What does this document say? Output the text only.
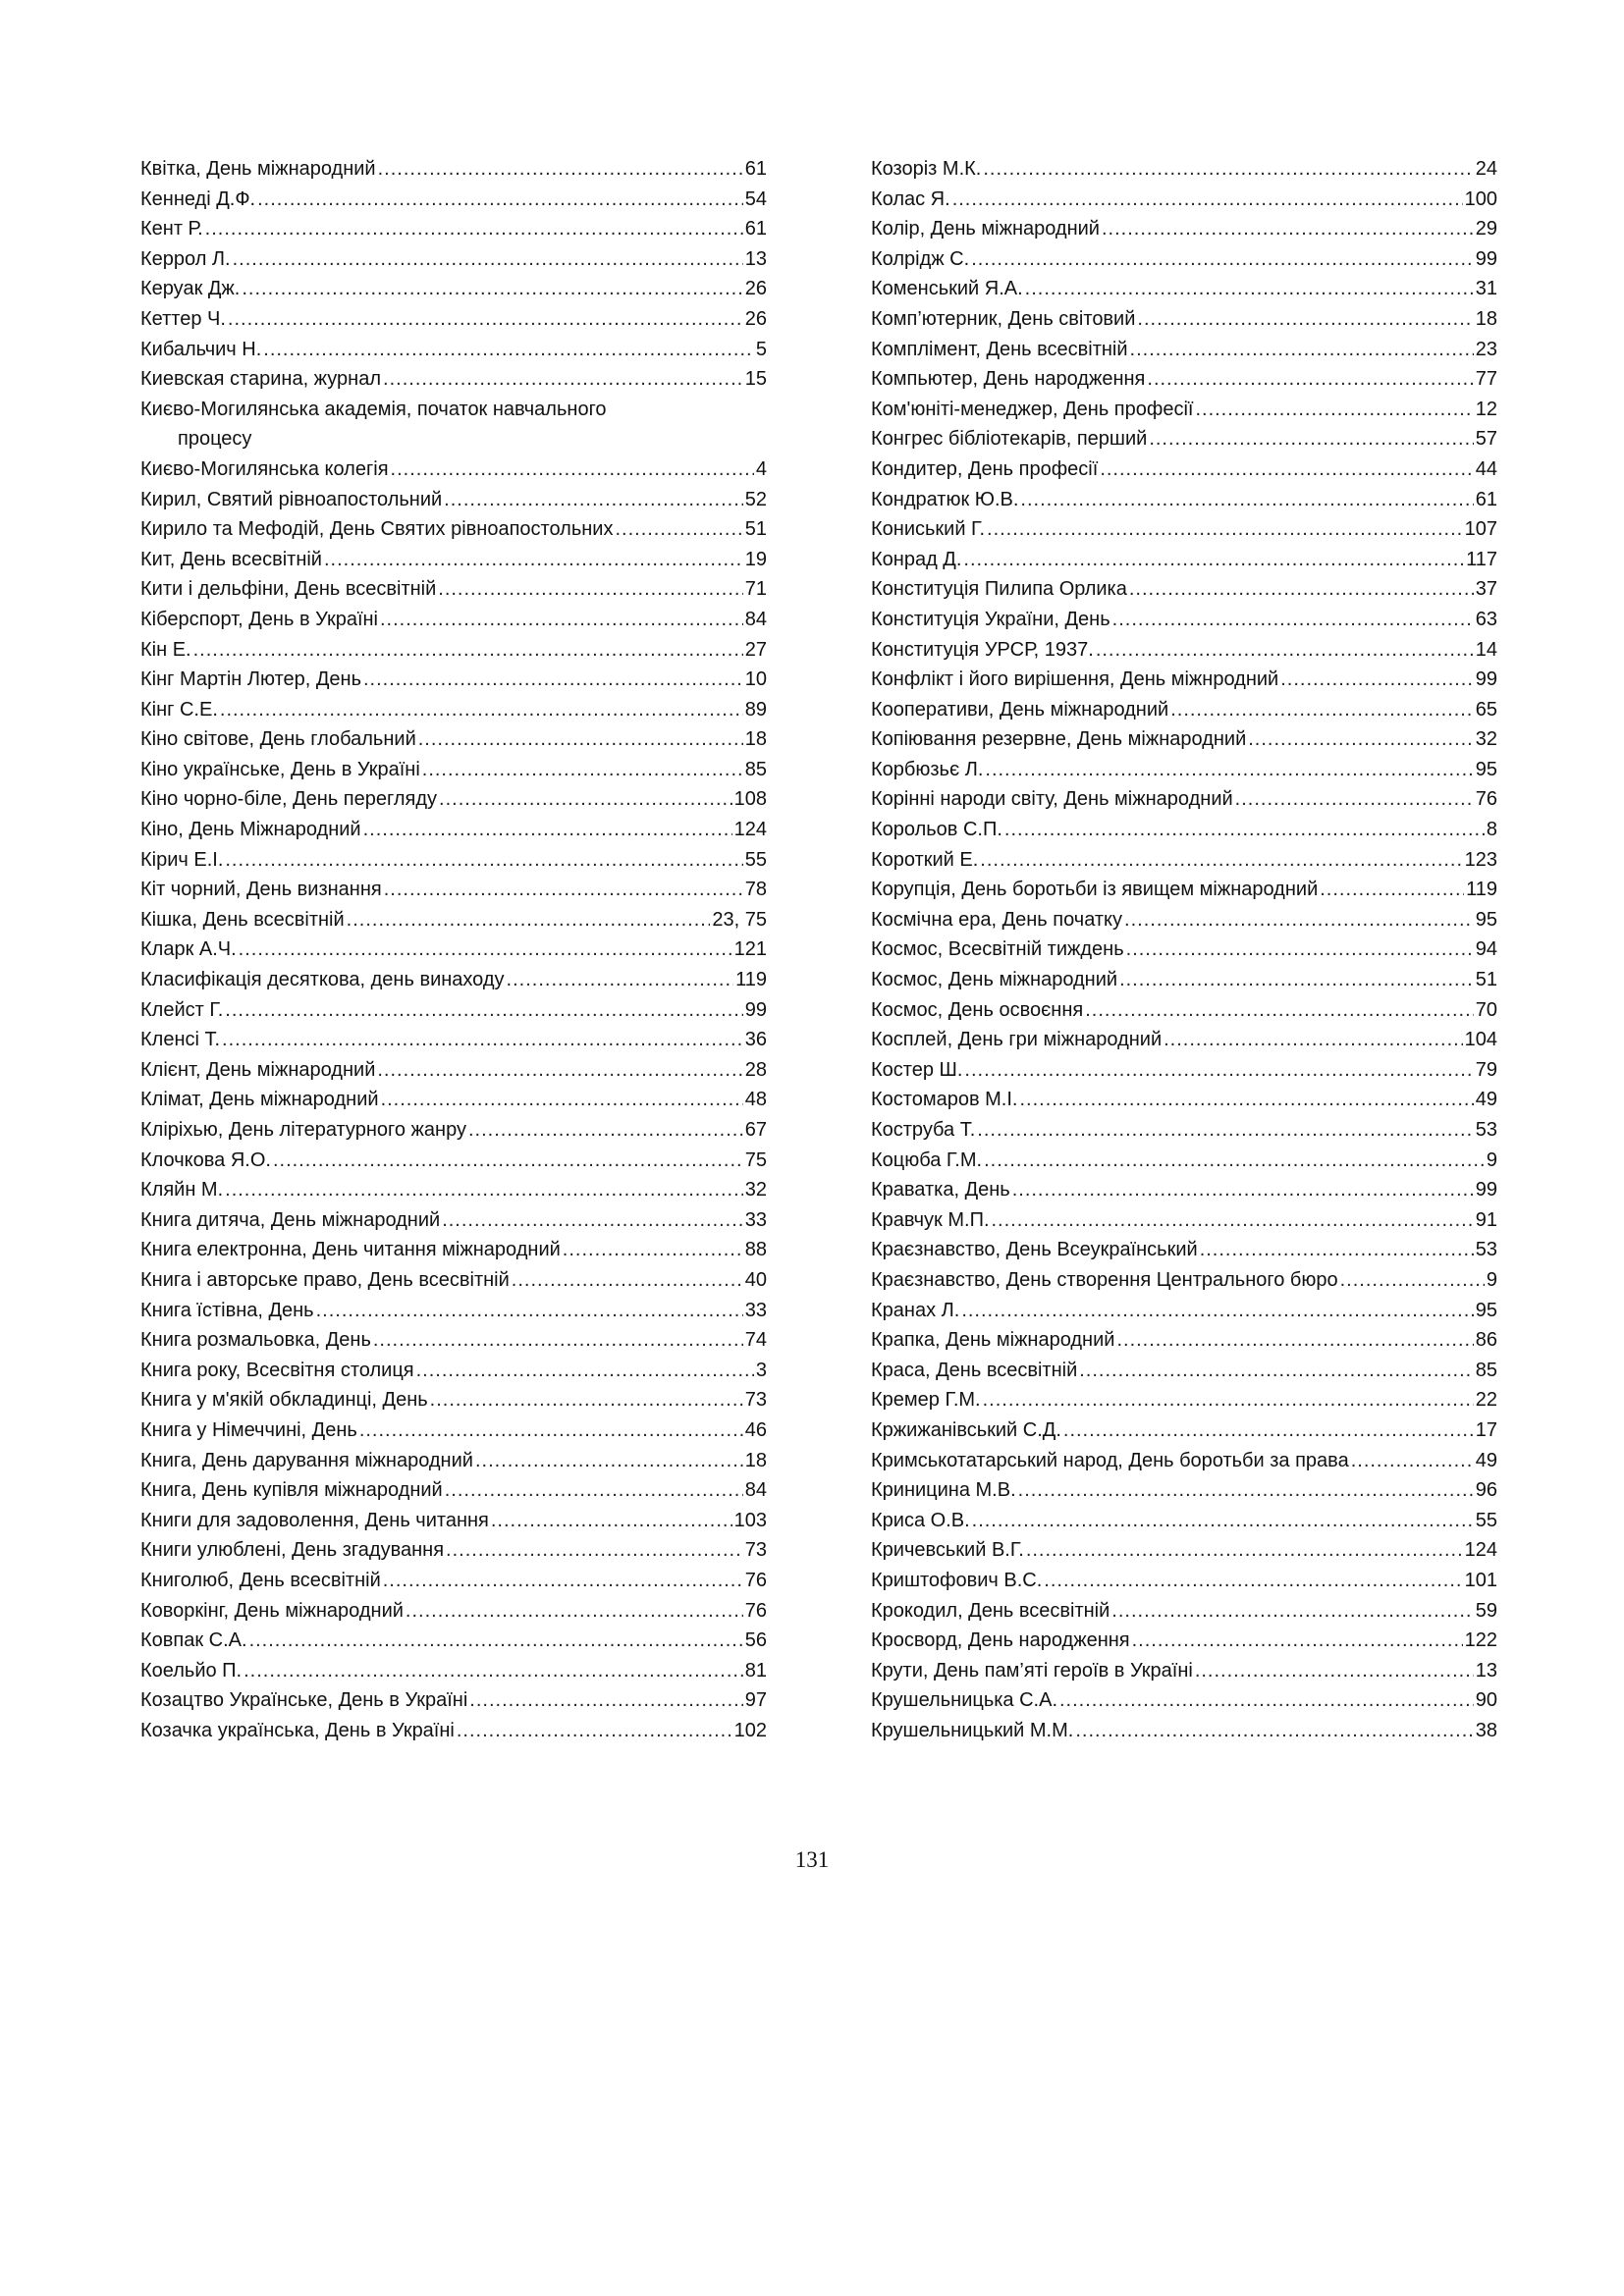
Квітка, День міжнародний .....	61
Кеннеді Д.Ф. .....	54
Кент Р. .....	61
Керрол Л. .....	13
Керуак Дж. .....	26
Кеттер Ч. .....	26
Кибальчич Н. .....	5
Киевская старина, журнал .....	15
Києво-Могилянська академія, початок навчального
процесу
Києво-Могилянська колегія .....	4
Кирил, Святий рівноапостольний .....	52
Кирило та Мефодій, День Святих рівноапостольних .....	51
Кит, День всесвітній .....	19
Кити і дельфіни, День всесвітній .....	71
Кіберспорт, День в Україні .....	84
Кін Е. .....	27
Кінг Мартін Лютер, День .....	10
Кінг С.Е. .....	89
Кіно світове, День глобальний .....	18
Кіно українське, День в Україні .....	85
Кіно чорно-біле, День перегляду .....	108
Кіно, День Міжнародний .....	124
Кірич Е.І. .....	55
Кіт чорний, День визнання .....	78
Кішка, День всесвітній .....	23, 75
Кларк А.Ч. .....	121
Класифікація десяткова, день винаходу .....	119
Клейст Г. .....	99
Кленсі Т. .....	36
Клієнт, День міжнародний .....	28
Клімат, День міжнародний .....	48
Кліріхью, День літературного жанру .....	67
Клочкова Я.О. .....	75
Кляйн М. .....	32
Книга дитяча, День міжнародний .....	33
Книга електронна, День читання міжнародний .....	88
Книга і авторське право, День всесвітній .....	40
Книга їстівна, День .....	33
Книга розмальовка, День .....	74
Книга року, Всесвітня столиця .....	3
Книга у м'якій обкладинці, День .....	73
Книга у Німеччині, День .....	46
Книга, День дарування міжнародний .....	18
Книга, День купівля міжнародний .....	84
Книги для задоволення, День читання .....	103
Книги улюблені, День згадування .....	73
Книголюб, День всесвітній .....	76
Коворкінг, День міжнародний .....	76
Ковпак С.А. .....	56
Коельйо П. .....	81
Козацтво Українське, День в Україні .....	97
Козачка українська, День в Україні .....	102
Козоріз М.К. .....	24
Колас Я. .....	100
Колір, День міжнародний .....	29
Колрідж С. .....	99
Коменський Я.А. .....	31
Комп’ютерник, День світовий .....	18
Комплімент, День всесвітній .....	23
Компьютер, День народження .....	77
Ком'юніті-менеджер, День професії .....	12
Конгрес бібліотекарів, перший .....	57
Кондитер, День професії .....	44
Кондратюк Ю.В. .....	61
Кониський Г. .....	107
Конрад Д. .....	117
Конституція Пилипа Орлика .....	37
Конституція України, День .....	63
Конституція УРСР, 1937. .....	14
Конфлікт і його вирішення, День міжнродний .....	99
Кооперативи, День міжнародний .....	65
Копіювання резервне, День міжнародний .....	32
Корбюзьє Л. .....	95
Корінні народи світу, День міжнародний .....	76
Корольов С.П. .....	8
Короткий Е. .....	123
Корупція, День боротьби із явищем міжнародний .....	119
Космічна ера, День початку .....	95
Космос, Всесвітній тиждень .....	94
Космос, День міжнародний .....	51
Космос, День освоєння .....	70
Косплей, День гри міжнародний .....	104
Костер Ш. .....	79
Костомаров М.І. .....	49
Коструба Т. .....	53
Коцюба Г.М. .....	9
Краватка, День .....	99
Кравчук М.П. .....	91
Краєзнавство, День Всеукраїнський .....	53
Краєзнавство, День створення Центрального бюро .....	9
Кранах Л. .....	95
Крапка, День міжнародний .....	86
Краса, День всесвітній .....	85
Кремер Г.М. .....	22
Кржижанівський С.Д. .....	17
Кримськотатарський народ, День боротьби за права .....	49
Криницина М.В. .....	96
Криса О.В. .....	55
Кричевський В.Г. .....	124
Криштофович В.С. .....	101
Крокодил, День всесвітній .....	59
Кросворд, День народження .....	122
Крути, День пам’яті героїв в Україні .....	13
Крушельницька С.А. .....	90
Крушельницький М.М. .....	38
131
